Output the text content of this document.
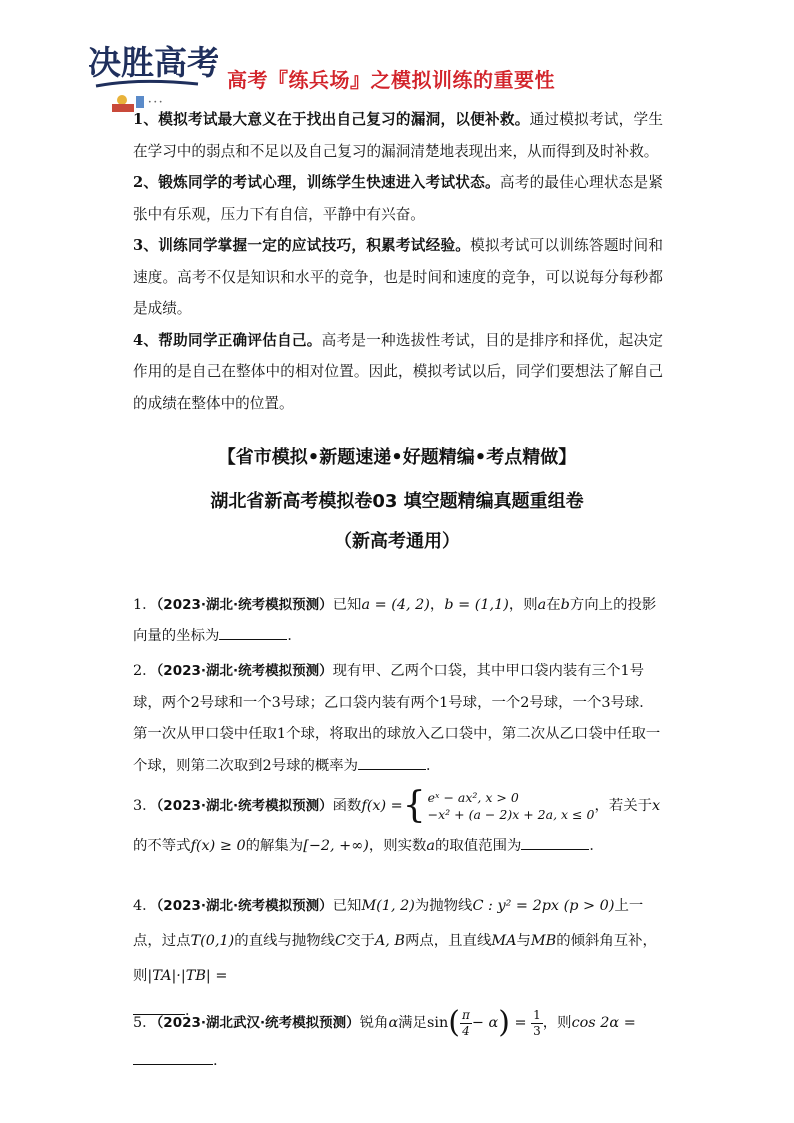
决胜高考
• • •
高考『练兵场』之模拟训练的重要性

1、模拟考试最大意义在于找出自己复习的漏洞，以便补救。通过模拟考试，学生在学习中的弱点和不足以及自己复习的漏洞清楚地表现出来，从而得到及时补救。

2、锻炼同学的考试心理，训练学生快速进入考试状态。高考的最佳心理状态是紧张中有乐观，压力下有自信，平静中有兴奋。

3、训练同学掌握一定的应试技巧，积累考试经验。模拟考试可以训练答题时间和速度。高考不仅是知识和水平的竞争，也是时间和速度的竞争，可以说每分每秒都是成绩。

4、帮助同学正确评估自己。高考是一种选拔性考试，目的是排序和择优，起决定作用的是自己在整体中的相对位置。因此，模拟考试以后，同学们要想法了解自己的成绩在整体中的位置。

【省市模拟•新题速递•好题精编•考点精做】
湖北省新高考模拟卷03 填空题精编真题重组卷
（新高考通用）

1．（2023·湖北·统考模拟预测）已知a = (4, 2)，b = (1,1)，则a在b方向上的投影向量的坐标为	．

2．（2023·湖北·统考模拟预测）现有甲、乙两个口袋，其中甲口袋内装有三个1号球，两个2号球和一个3号球；乙口袋内装有两个1号球，一个2号球，一个3号球．第一次从甲口袋中任取1个球，将取出的球放入乙口袋中，第二次从乙口袋中任取一个球，则第二次取到2号球的概率为	．

3．（2023·湖北·统考模拟预测）函数f(x) = { eˣ − ax², x > 0
−x² + (a − 2)x + 2a, x ≤ 0
，若关于x的不等式f(x) ≥ 0的解集为[−2, +∞)，则实数a的取值范围为	．

4．（2023·湖北·统考模拟预测）已知M(1, 2)为抛物线C : y² = 2px (p > 0)上一点，过点T(0,1)的直线与抛物线C交于A, B两点，且直线MA与MB的倾斜角互补，则|TA|·|TB| =
．

5．（2023·湖北武汉·统考模拟预测）锐角α满足$\sin( \frac{\pi}{4} - \alpha) = \frac{1}{3}$ ，则cos 2α =
.
